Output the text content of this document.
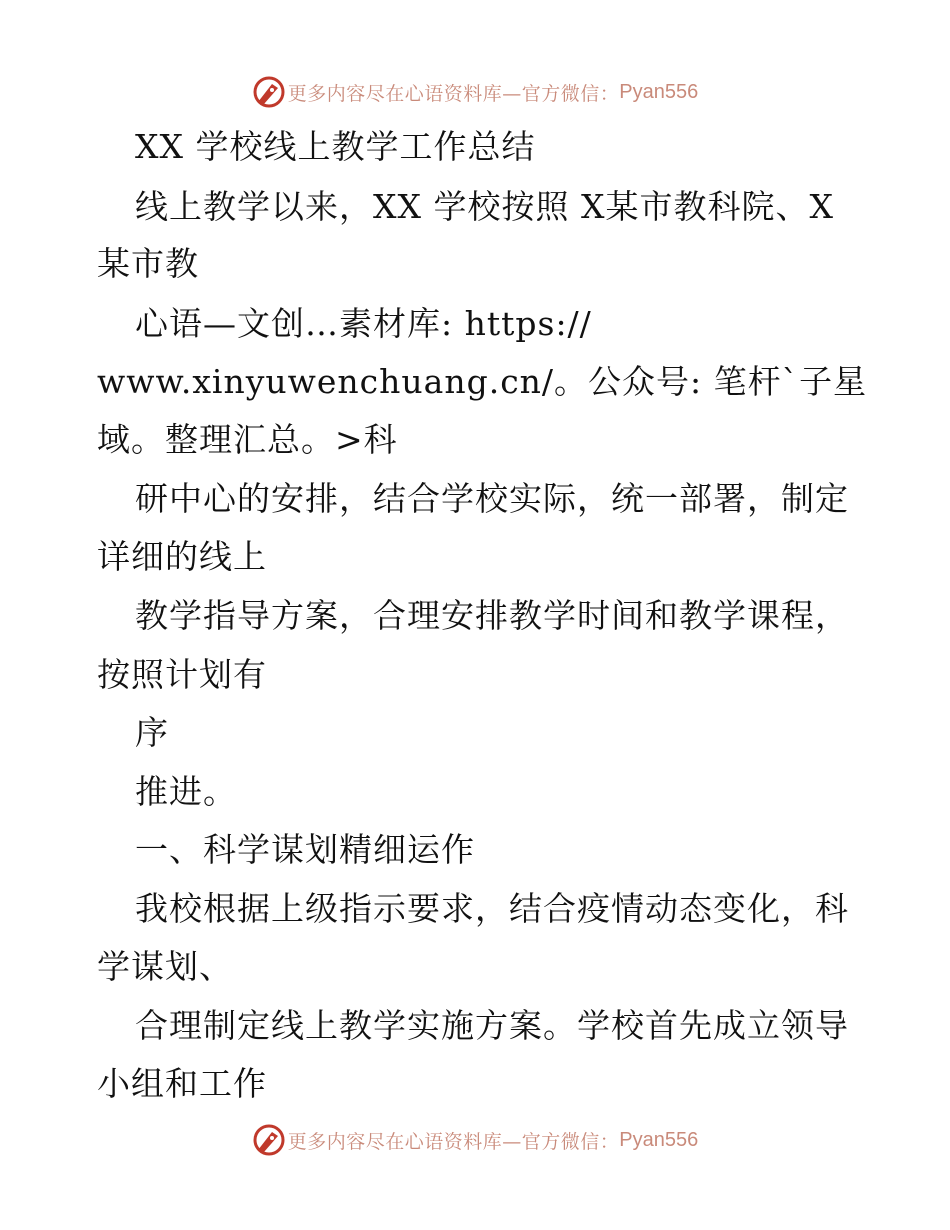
更多内容尽在心语资料库—官方微信： Pyan556
XX 学校线上教学工作总结
线上教学以来，XX 学校按照 X某市教科院、X
某市教
心语—文创…素材库: https://
www.xinyuwenchuang.cn/。公众号: 笔杆`子星
域。整理汇总。>科
研中心的安排，结合学校实际，统一部署，制定
详细的线上
教学指导方案，合理安排教学时间和教学课程，
按照计划有
序
推进。
一、科学谋划精细运作
我校根据上级指示要求，结合疫情动态变化，科
学谋划、
合理制定线上教学实施方案。学校首先成立领导
小组和工作
更多内容尽在心语资料库—官方微信： Pyan556
